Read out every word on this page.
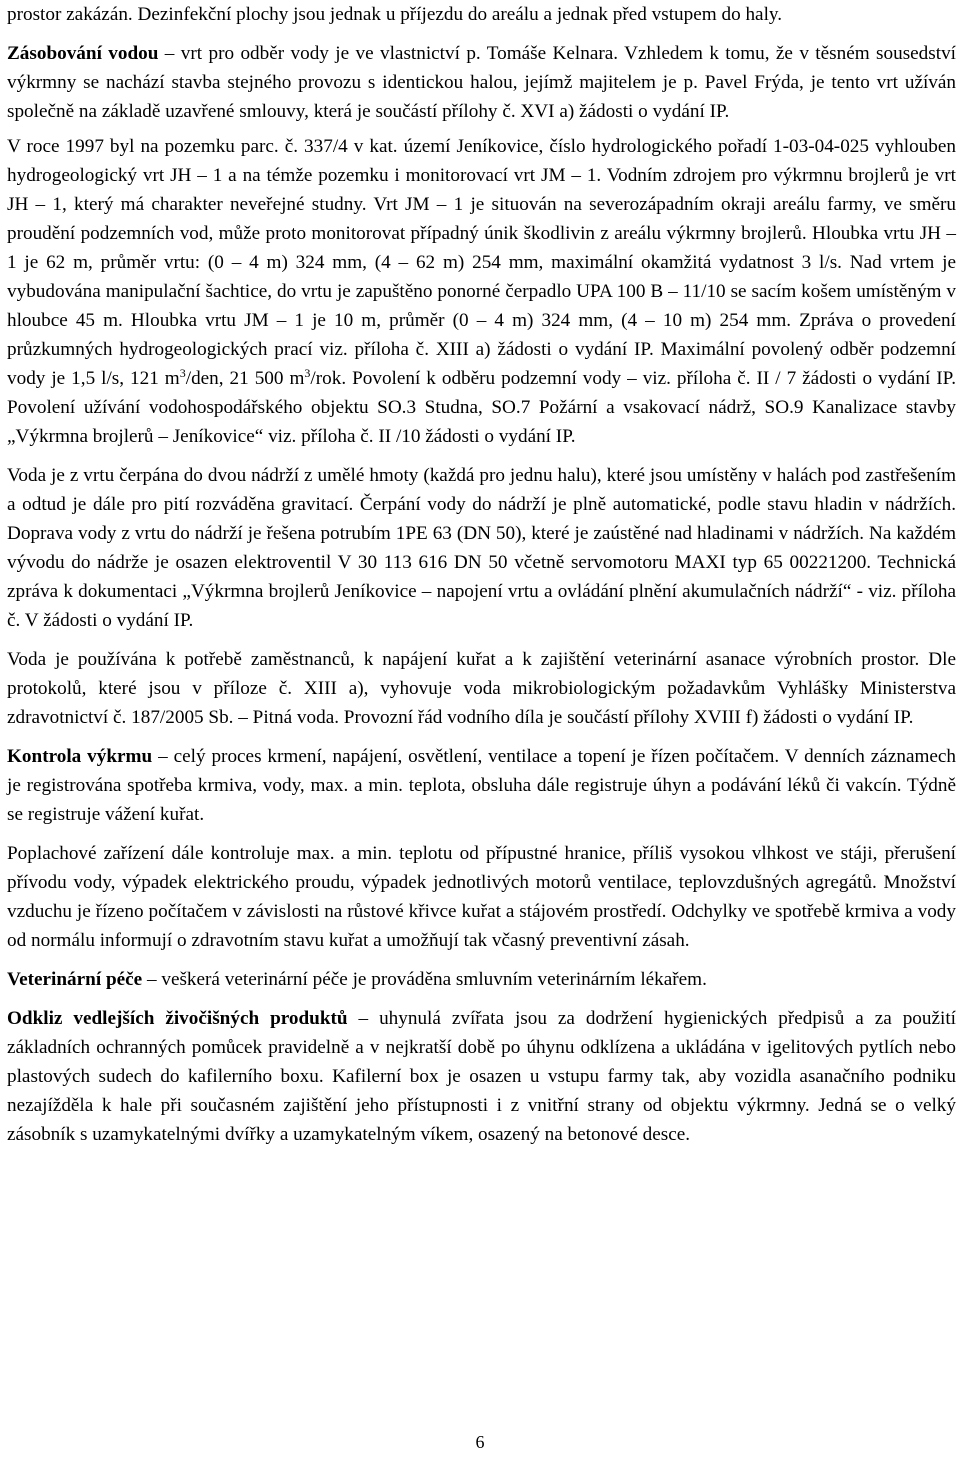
prostor zakázán. Dezinfekční plochy jsou jednak u příjezdu do areálu a jednak před vstupem do haly.

Zásobování vodou – vrt pro odběr vody je ve vlastnictví p. Tomáše Kelnara. Vzhledem k tomu, že v těsném sousedství výkrmny se nachází stavba stejného provozu s identickou halou, jejímž majitelem je p. Pavel Frýda, je tento vrt užíván společně na základě uzavřené smlouvy, která je součástí přílohy č. XVI a) žádosti o vydání IP.

V roce 1997 byl na pozemku parc. č. 337/4 v kat. území Jeníkovice, číslo hydrologického pořadí 1-03-04-025 vyhlouben hydrogeologický vrt JH – 1 a na témže pozemku i monitorovací vrt JM – 1. Vodním zdrojem pro výkrmnu brojlerů je vrt JH – 1, který má charakter neveřejné studny. Vrt JM – 1 je situován na severozápadním okraji areálu farmy, ve směru proudění podzemních vod, může proto monitorovat případný únik škodlivin z areálu výkrmny brojlerů. Hloubka vrtu JH – 1 je 62 m, průměr vrtu: (0 – 4 m) 324 mm, (4 – 62 m) 254 mm, maximální okamžitá vydatnost 3 l/s. Nad vrtem je vybudována manipulační šachtice, do vrtu je zapuštěno ponorné čerpadlo UPA 100 B – 11/10 se sacím košem umístěným v hloubce 45 m. Hloubka vrtu JM – 1 je 10 m, průměr (0 – 4 m) 324 mm, (4 – 10 m) 254 mm. Zpráva o provedení průzkumných hydrogeologických prací viz. příloha č. XIII a) žádosti o vydání IP. Maximální povolený odběr podzemní vody je 1,5 l/s, 121 $m^3$/den, 21 500 $m^3$/rok. Povolení k odběru podzemní vody – viz. příloha č. II / 7 žádosti o vydání IP. Povolení užívání vodohospodářského objektu SO.3 Studna, SO.7 Požární a vsakovací nádrž, SO.9 Kanalizace stavby „Výkrmna brojlerů – Jeníkovice“ viz. příloha č. II /10 žádosti o vydání IP.

Voda je z vrtu čerpána do dvou nádrží z umělé hmoty (každá pro jednu halu), které jsou umístěny v halách pod zastřešením a odtud je dále pro pití rozváděna gravitací. Čerpání vody do nádrží je plně automatické, podle stavu hladin v nádržích. Doprava vody z vrtu do nádrží je řešena potrubím 1PE 63 (DN 50), které je zaústěné nad hladinami v nádržích. Na každém vývodu do nádrže je osazen elektroventil V 30 113 616 DN 50 včetně servomotoru MAXI typ 65 00221200. Technická zpráva k dokumentaci „Výkrmna brojlerů Jeníkovice – napojení vrtu a ovládání plnění akumulačních nádrží“ - viz. příloha č. V žádosti o vydání IP.

Voda je používána k potřebě zaměstnanců, k napájení kuřat a k zajištění veterinární asanace výrobních prostor. Dle protokolů, které jsou v příloze č. XIII a), vyhovuje voda mikrobiologickým požadavkům Vyhlášky Ministerstva zdravotnictví č. 187/2005 Sb. – Pitná voda. Provozní řád vodního díla je součástí přílohy XVIII f) žádosti o vydání IP.

Kontrola výkrmu – celý proces krmení, napájení, osvětlení, ventilace a topení je řízen počítačem. V denních záznamech je registrována spotřeba krmiva, vody, max. a min. teplota, obsluha dále registruje úhyn a podávání léků či vakcín. Týdně se registruje vážení kuřat.

Poplachové zařízení dále kontroluje max. a min. teplotu od přípustné hranice, příliš vysokou vlhkost ve stáji, přerušení přívodu vody, výpadek elektrického proudu, výpadek jednotlivých motorů ventilace, teplovzdušných agregátů. Množství vzduchu je řízeno počítačem v závislosti na růstové křivce kuřat a stájovém prostředí. Odchylky ve spotřebě krmiva a vody od normálu informují o zdravotním stavu kuřat a umožňují tak včasný preventivní zásah.

Veterinární péče – veškerá veterinární péče je prováděna smluvním veterinárním lékařem.

Odkliz vedlejších živočišných produktů – uhynulá zvířata jsou za dodržení hygienických předpisů a za použití základních ochranných pomůcek pravidelně a v nejkratší době po úhynu odklízena a ukládána v igelitových pytlích nebo plastových sudech do kafilerního boxu. Kafilerní box je osazen u vstupu farmy tak, aby vozidla asanačního podniku nezajížděla k hale při současném zajištění jeho přístupnosti i z vnitřní strany od objektu výkrmny. Jedná se o velký zásobník s uzamykatelnými dvířky a uzamykatelným víkem, osazený na betonové desce.

6
